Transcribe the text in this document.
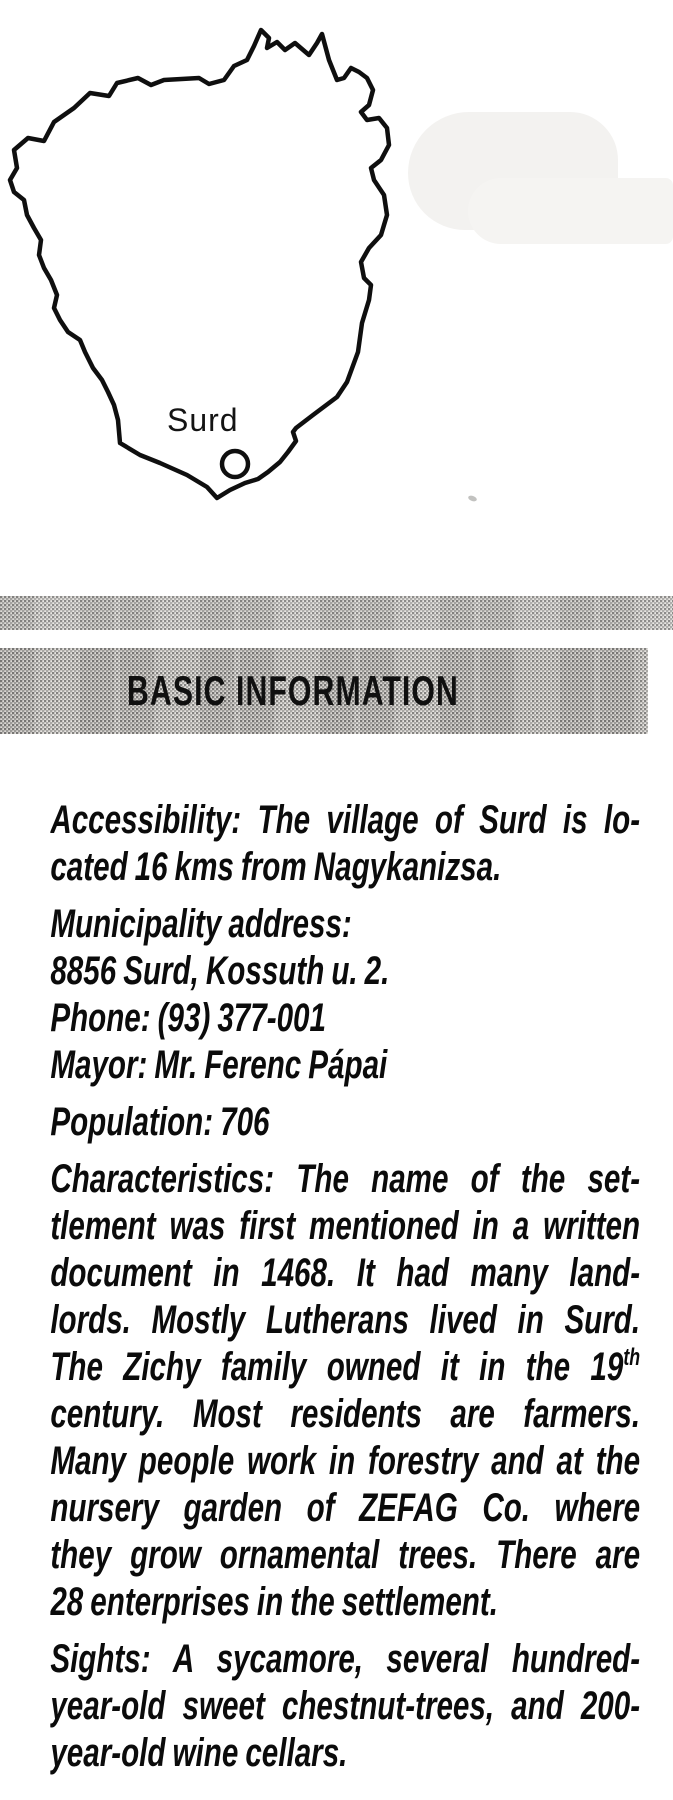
Surd
BASIC INFORMATION
Accessibility: The village of Surd is lo-
cated 16 kms from Nagykanizsa.
Municipality address:
8856 Surd, Kossuth u. 2.
Phone: (93) 377-001
Mayor: Mr. Ferenc Pápai
Population: 706
Characteristics: The name of the set-
tlement was first mentioned in a written
document in 1468. It had many land-
lords. Mostly Lutherans lived in Surd.
The Zichy family owned it in the 19th
century. Most residents are farmers.
Many people work in forestry and at the
nursery garden of ZEFAG Co. where
they grow ornamental trees. There are
28 enterprises in the settlement.
Sights: A sycamore, several hundred-
year-old sweet chestnut-trees, and 200-
year-old wine cellars.
